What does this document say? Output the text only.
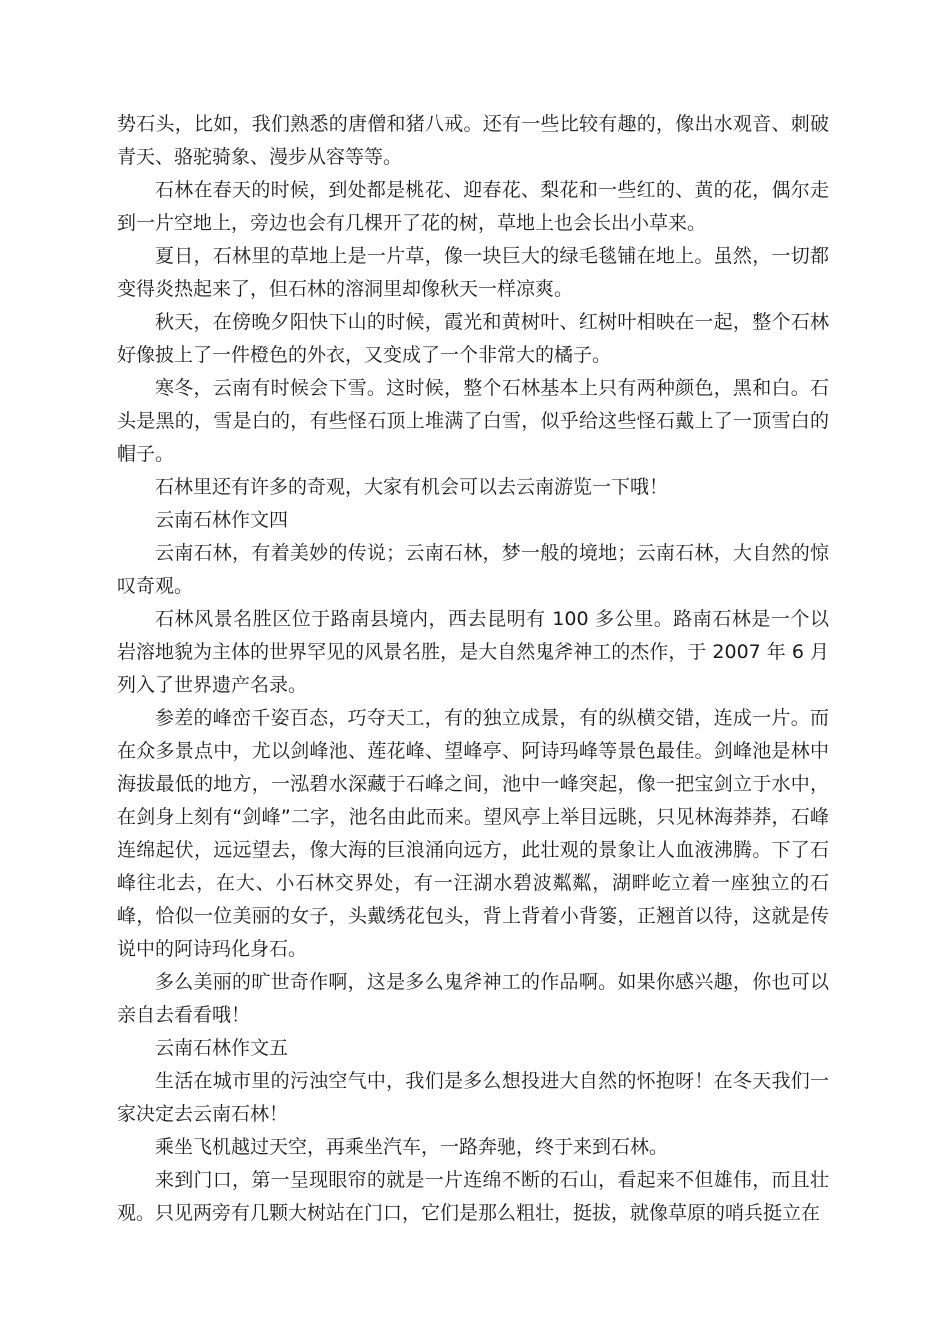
势石头，比如，我们熟悉的唐僧和猪八戒。还有一些比较有趣的，像出水观音、刺破青天、骆驼骑象、漫步从容等等。

石林在春天的时候，到处都是桃花、迎春花、梨花和一些红的、黄的花，偶尔走到一片空地上，旁边也会有几棵开了花的树，草地上也会长出小草来。

夏日，石林里的草地上是一片草，像一块巨大的绿毛毯铺在地上。虽然，一切都变得炎热起来了，但石林的溶洞里却像秋天一样凉爽。

秋天，在傍晚夕阳快下山的时候，霞光和黄树叶、红树叶相映在一起，整个石林好像披上了一件橙色的外衣，又变成了一个非常大的橘子。

寒冬，云南有时候会下雪。这时候，整个石林基本上只有两种颜色，黑和白。石头是黑的，雪是白的，有些怪石顶上堆满了白雪，似乎给这些怪石戴上了一顶雪白的帽子。

石林里还有许多的奇观，大家有机会可以去云南游览一下哦！

云南石林作文四

云南石林，有着美妙的传说；云南石林，梦一般的境地；云南石林，大自然的惊叹奇观。

石林风景名胜区位于路南县境内，西去昆明有 100 多公里。路南石林是一个以岩溶地貌为主体的世界罕见的风景名胜，是大自然鬼斧神工的杰作，于 2007 年 6 月列入了世界遗产名录。

参差的峰峦千姿百态，巧夺天工，有的独立成景，有的纵横交错，连成一片。而在众多景点中，尤以剑峰池、莲花峰、望峰亭、阿诗玛峰等景色最佳。剑峰池是林中海拔最低的地方，一泓碧水深藏于石峰之间，池中一峰突起，像一把宝剑立于水中，在剑身上刻有“剑峰”二字，池名由此而来。望风亭上举目远眺，只见林海莽莽，石峰连绵起伏，远远望去，像大海的巨浪涌向远方，此壮观的景象让人血液沸腾。下了石峰往北去，在大、小石林交界处，有一汪湖水碧波粼粼，湖畔屹立着一座独立的石峰，恰似一位美丽的女子，头戴绣花包头，背上背着小背篓，正翘首以待，这就是传说中的阿诗玛化身石。

多么美丽的旷世奇作啊，这是多么鬼斧神工的作品啊。如果你感兴趣，你也可以亲自去看看哦！

云南石林作文五

生活在城市里的污浊空气中，我们是多么想投进大自然的怀抱呀！在冬天我们一家决定去云南石林！

乘坐飞机越过天空，再乘坐汽车，一路奔驰，终于来到石林。

来到门口，第一呈现眼帘的就是一片连绵不断的石山，看起来不但雄伟，而且壮观。只见两旁有几颗大树站在门口，它们是那么粗壮，挺拔，就像草原的哨兵挺立在
